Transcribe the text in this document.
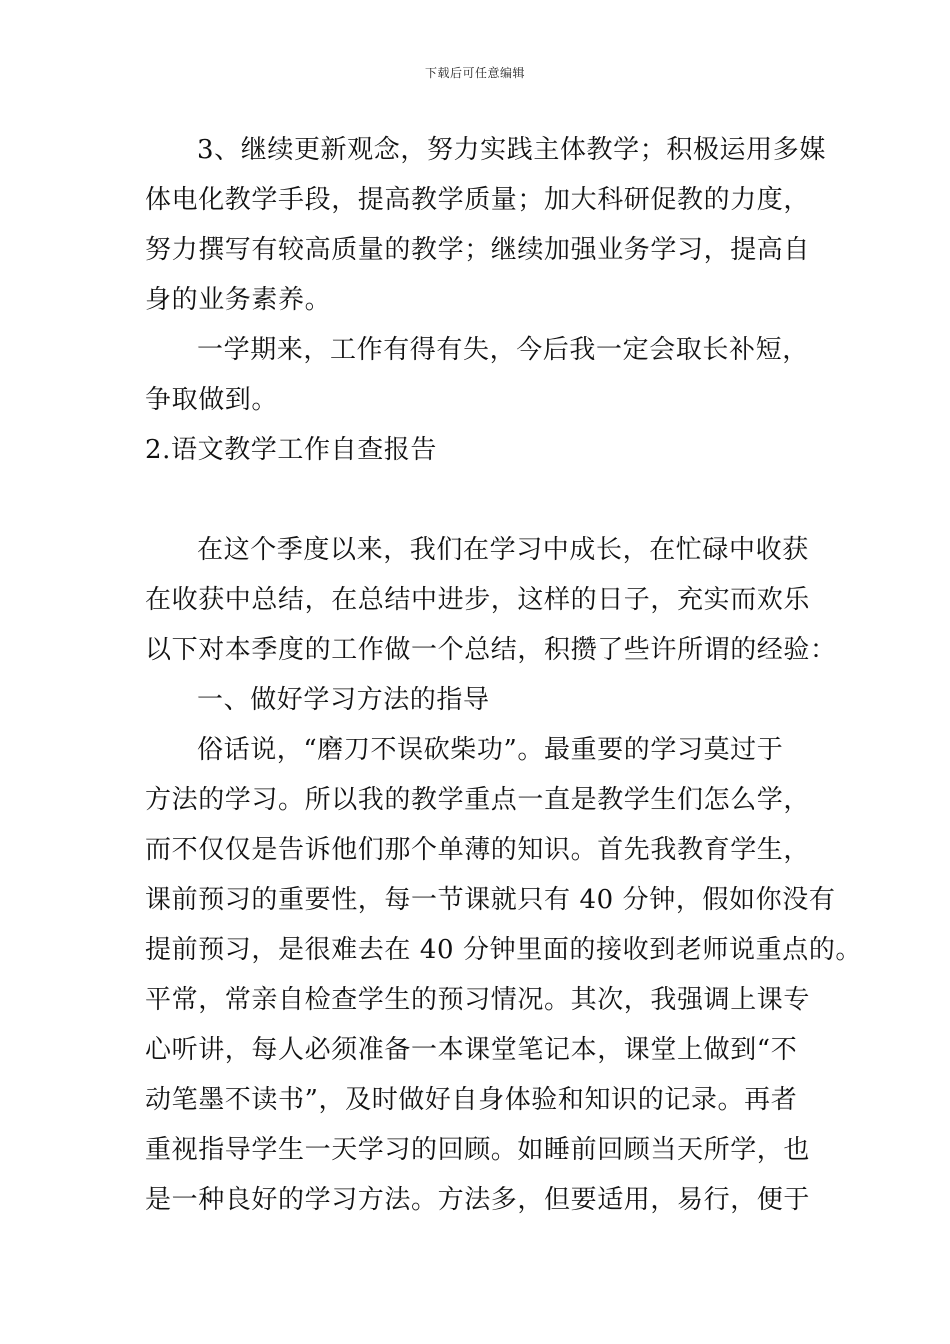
下载后可任意编辑
3、继续更新观念，努力实践主体教学；积极运用多媒
体电化教学手段，提高教学质量；加大科研促教的力度，
努力撰写有较高质量的教学；继续加强业务学习，提高自
身的业务素养。
一学期来，工作有得有失，今后我一定会取长补短，
争取做到。
2.语文教学工作自查报告
在这个季度以来，我们在学习中成长，在忙碌中收获
在收获中总结，在总结中进步，这样的日子，充实而欢乐
以下对本季度的工作做一个总结，积攒了些许所谓的经验：
一、做好学习方法的指导
俗话说，“磨刀不误砍柴功”。最重要的学习莫过于
方法的学习。所以我的教学重点一直是教学生们怎么学，
而不仅仅是告诉他们那个单薄的知识。首先我教育学生，
课前预习的重要性，每一节课就只有 40 分钟，假如你没有
提前预习，是很难去在 40 分钟里面的接收到老师说重点的。
平常，常亲自检查学生的预习情况。其次，我强调上课专
心听讲，每人必须准备一本课堂笔记本，课堂上做到“不
动笔墨不读书”，及时做好自身体验和知识的记录。再者
重视指导学生一天学习的回顾。如睡前回顾当天所学，也
是一种良好的学习方法。方法多，但要适用，易行，便于
